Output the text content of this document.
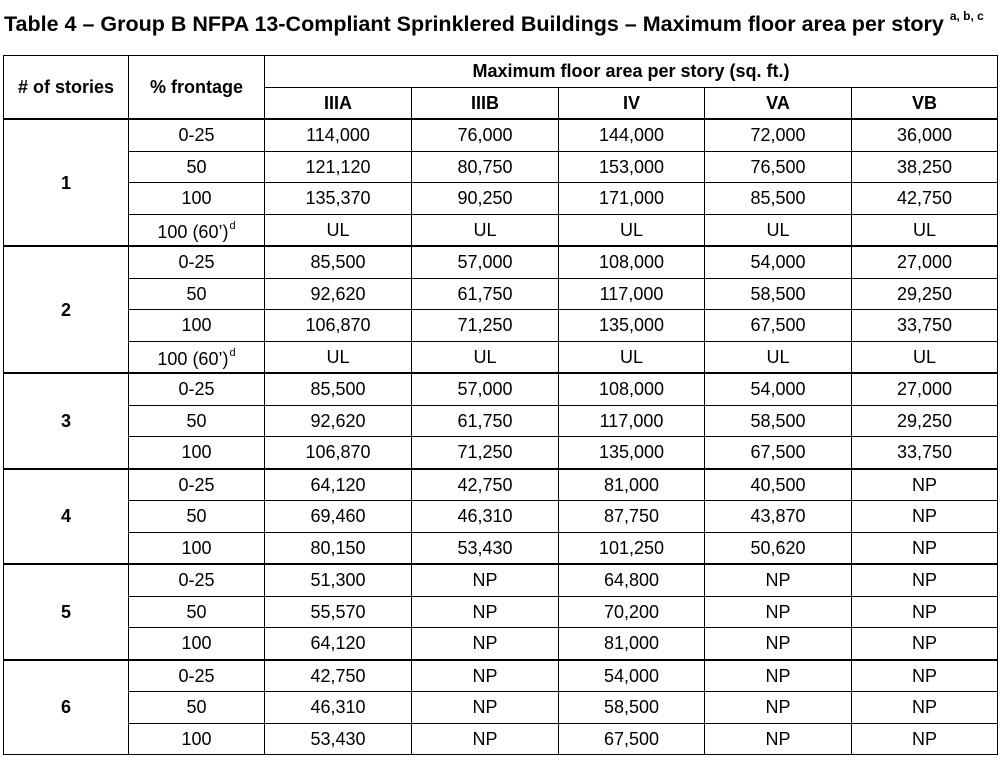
Table 4 – Group B NFPA 13-Compliant Sprinklered Buildings – Maximum floor area per story $^{a, b, c}$
# of stories	% frontage	Maximum floor area per story (sq. ft.)				
		IIIA	IIIB	IV	VA	VB
1	0-25	114,000	76,000	144,000	72,000	36,000
	50	121,120	80,750	153,000	76,500	38,250
	100	135,370	90,250	171,000	85,500	42,750
	100 (60’)$^d$	UL	UL	UL	UL	UL
2	0-25	85,500	57,000	108,000	54,000	27,000
	50	92,620	61,750	117,000	58,500	29,250
	100	106,870	71,250	135,000	67,500	33,750
	100 (60’)$^d$	UL	UL	UL	UL	UL
3	0-25	85,500	57,000	108,000	54,000	27,000
	50	92,620	61,750	117,000	58,500	29,250
	100	106,870	71,250	135,000	67,500	33,750
4	0-25	64,120	42,750	81,000	40,500	NP
	50	69,460	46,310	87,750	43,870	NP
	100	80,150	53,430	101,250	50,620	NP
5	0-25	51,300	NP	64,800	NP	NP
	50	55,570	NP	70,200	NP	NP
	100	64,120	NP	81,000	NP	NP
6	0-25	42,750	NP	54,000	NP	NP
	50	46,310	NP	58,500	NP	NP
	100	53,430	NP	67,500	NP	NP
